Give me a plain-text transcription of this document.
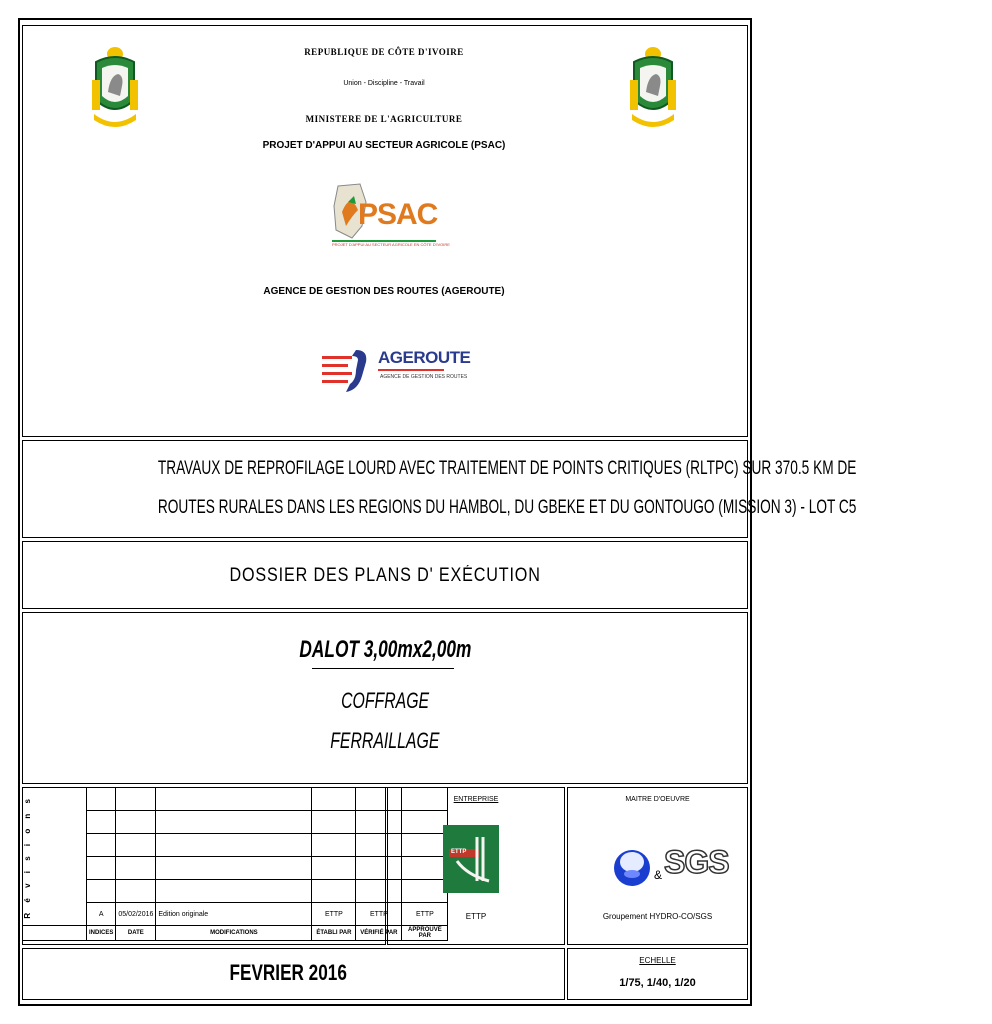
REPUBLIQUE DE CÔTE D'IVOIRE
Union - Discipline - Travail
MINISTERE DE L'AGRICULTURE
PROJET D'APPUI AU SECTEUR AGRICOLE (PSAC)
PSAC
PROJET D'APPUI AU SECTEUR AGRICOLE EN CÔTE D'IVOIRE
AGENCE DE GESTION DES ROUTES (AGEROUTE)
AGEROUTE
AGENCE DE GESTION DES ROUTES
TRAVAUX DE REPROFILAGE LOURD AVEC TRAITEMENT DE POINTS CRITIQUES (RLTPC) SUR 370.5 KM DE
ROUTES RURALES DANS LES REGIONS DU HAMBOL, DU GBEKE ET DU GONTOUGO (MISSION 3) - LOT C5
DOSSIER DES PLANS D' EXÉCUTION
DALOT 3,00mx2,00m
COFFRAGE
FERRAILLAGE
R é v i s i o n s						

	A	05/02/2016	Edition originale	ETTP	ETTP	ETTP
	INDICES	DATE	MODIFICATIONS	ÉTABLI PAR	VÉRIFIÉ PAR	APPROUVÉ PAR
ENTREPRISE
ETTP
ETTP
MAITRE D'OEUVRE
& SGS
Groupement HYDRO-CO/SGS
FEVRIER 2016	ECHELLE
1/75, 1/40, 1/20
